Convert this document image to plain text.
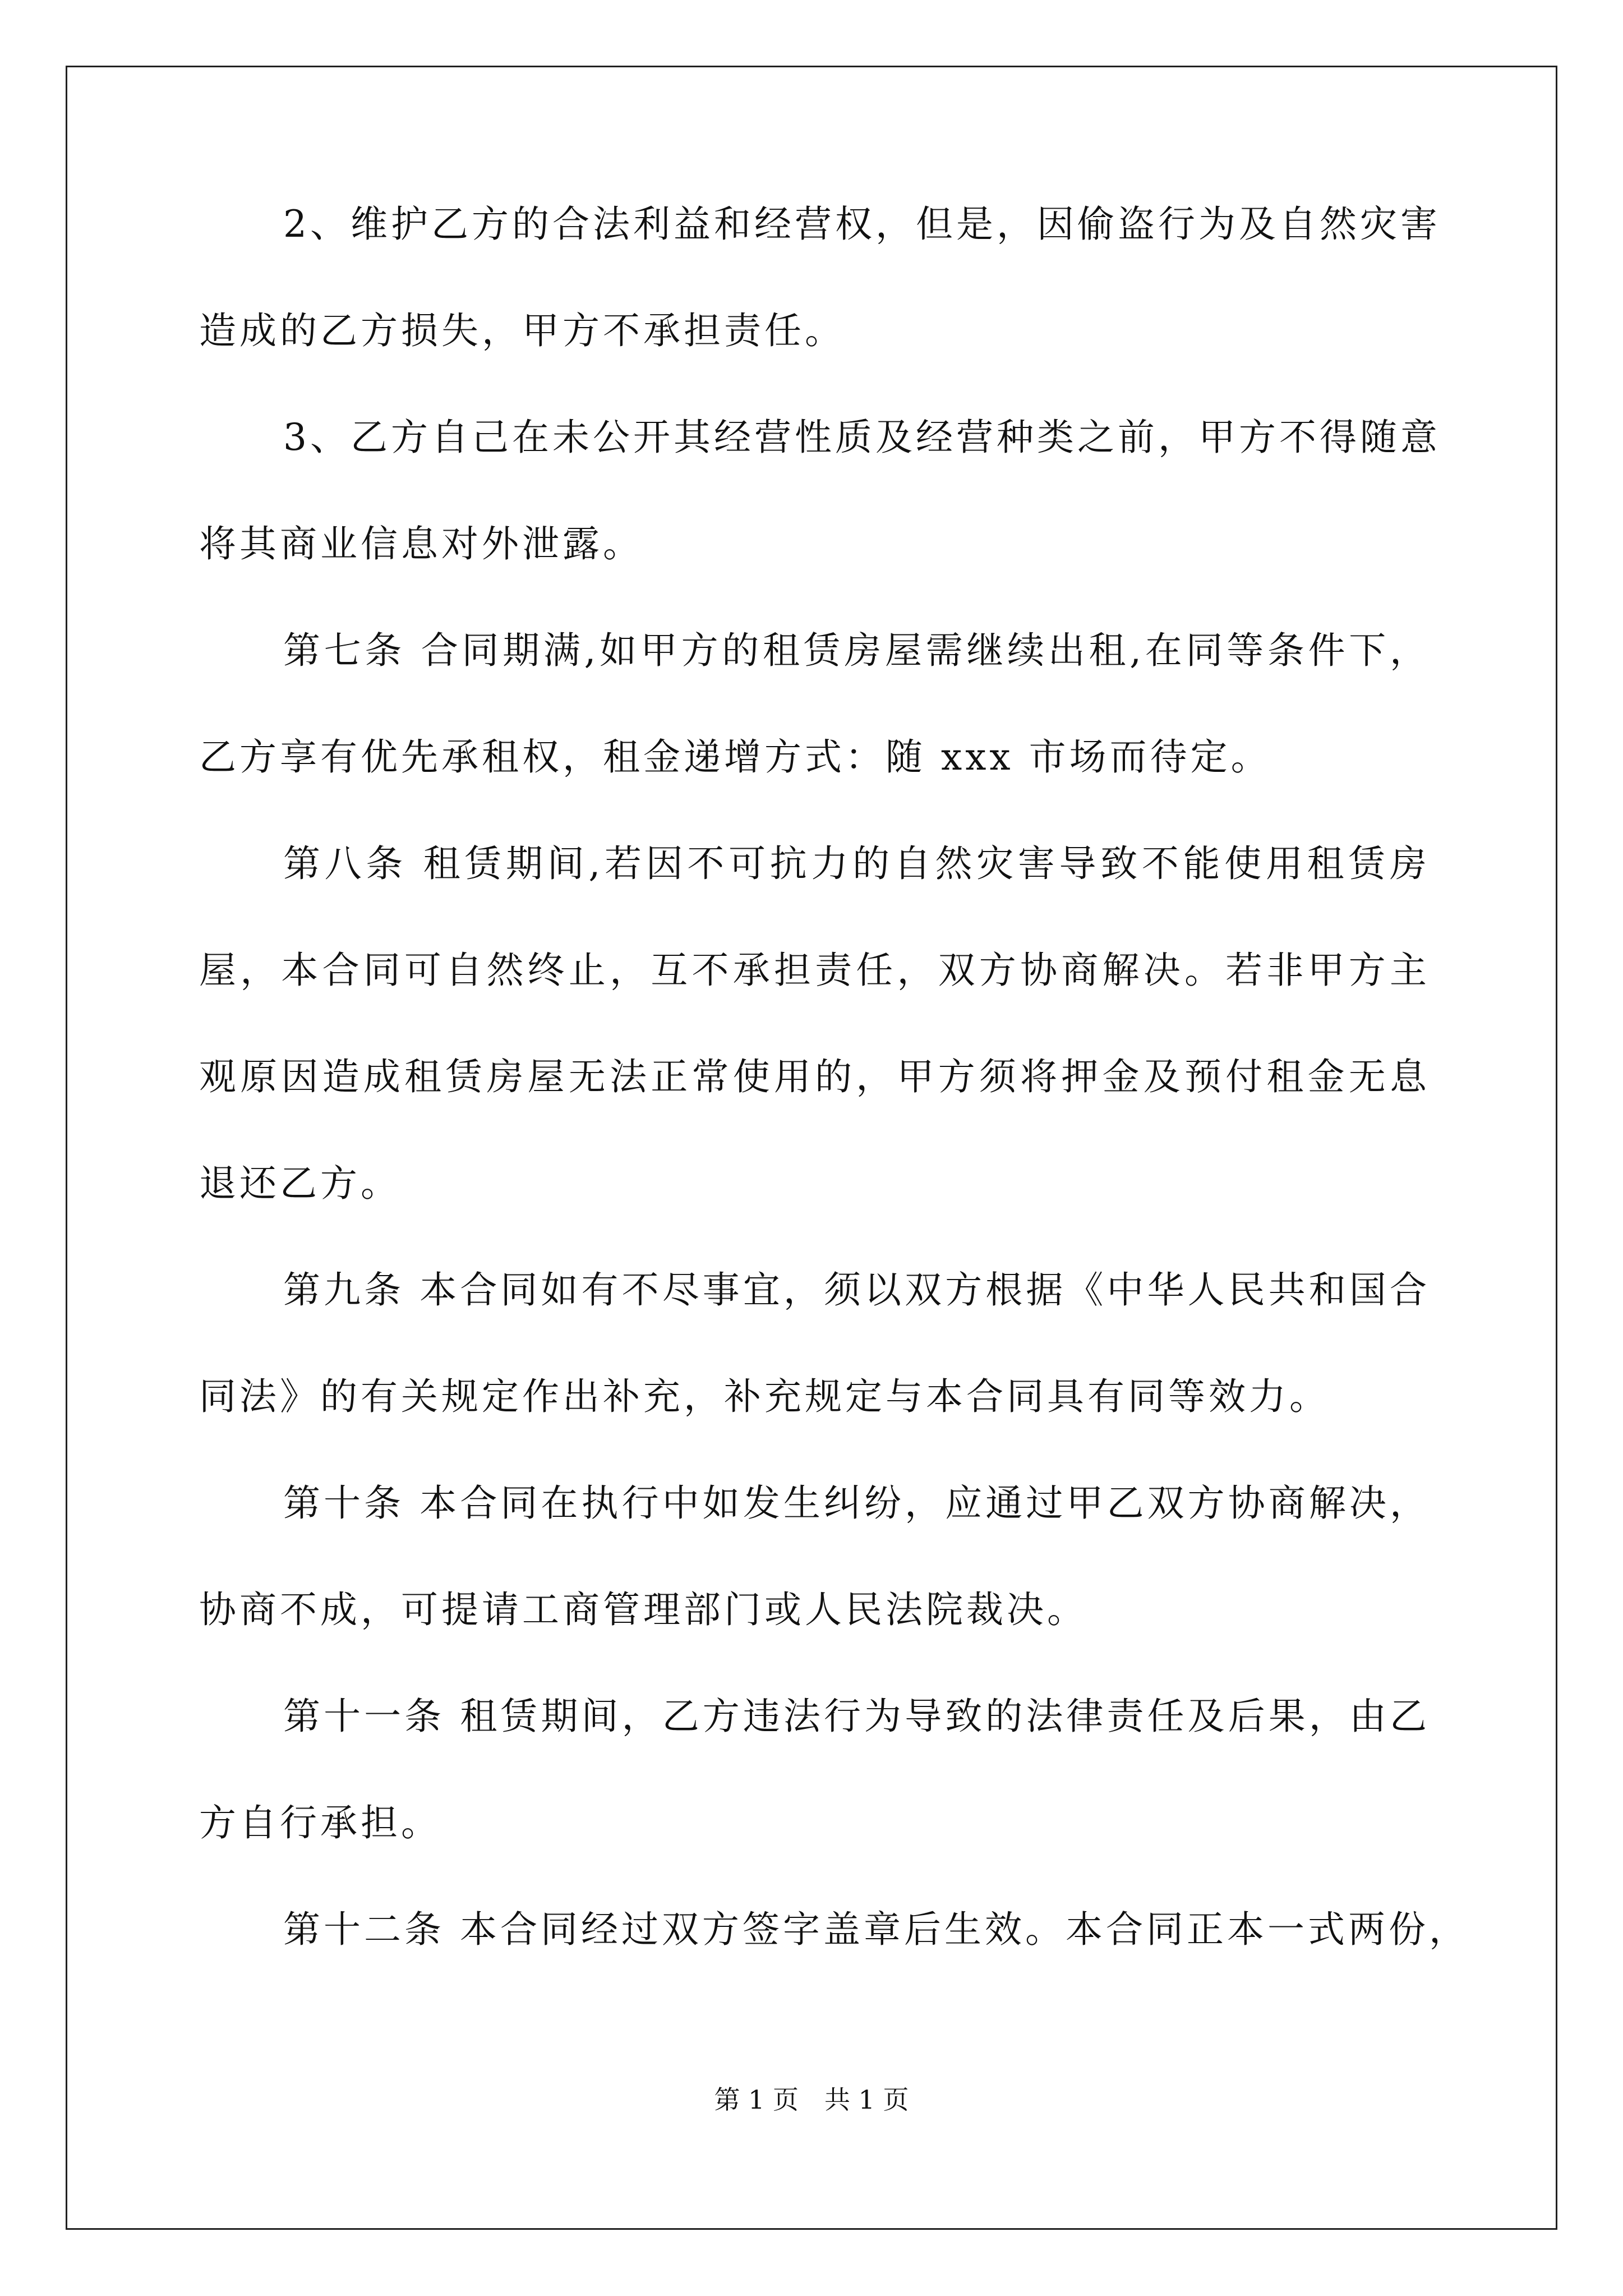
2、维护乙方的合法利益和经营权，但是，因偷盗行为及自然灾害
造成的乙方损失，甲方不承担责任。
3、乙方自己在未公开其经营性质及经营种类之前，甲方不得随意
将其商业信息对外泄露。
第七条 合同期满,如甲方的租赁房屋需继续出租,在同等条件下，
乙方享有优先承租权，租金递增方式：随 xxx 市场而待定。
第八条 租赁期间,若因不可抗力的自然灾害导致不能使用租赁房
屋，本合同可自然终止，互不承担责任，双方协商解决。若非甲方主
观原因造成租赁房屋无法正常使用的，甲方须将押金及预付租金无息
退还乙方。
第九条 本合同如有不尽事宜，须以双方根据《中华人民共和国合
同法》的有关规定作出补充，补充规定与本合同具有同等效力。
第十条 本合同在执行中如发生纠纷，应通过甲乙双方协商解决，
协商不成，可提请工商管理部门或人民法院裁决。
第十一条 租赁期间，乙方违法行为导致的法律责任及后果，由乙
方自行承担。
第十二条 本合同经过双方签字盖章后生效。本合同正本一式两份，
第 1 页　共 1 页
